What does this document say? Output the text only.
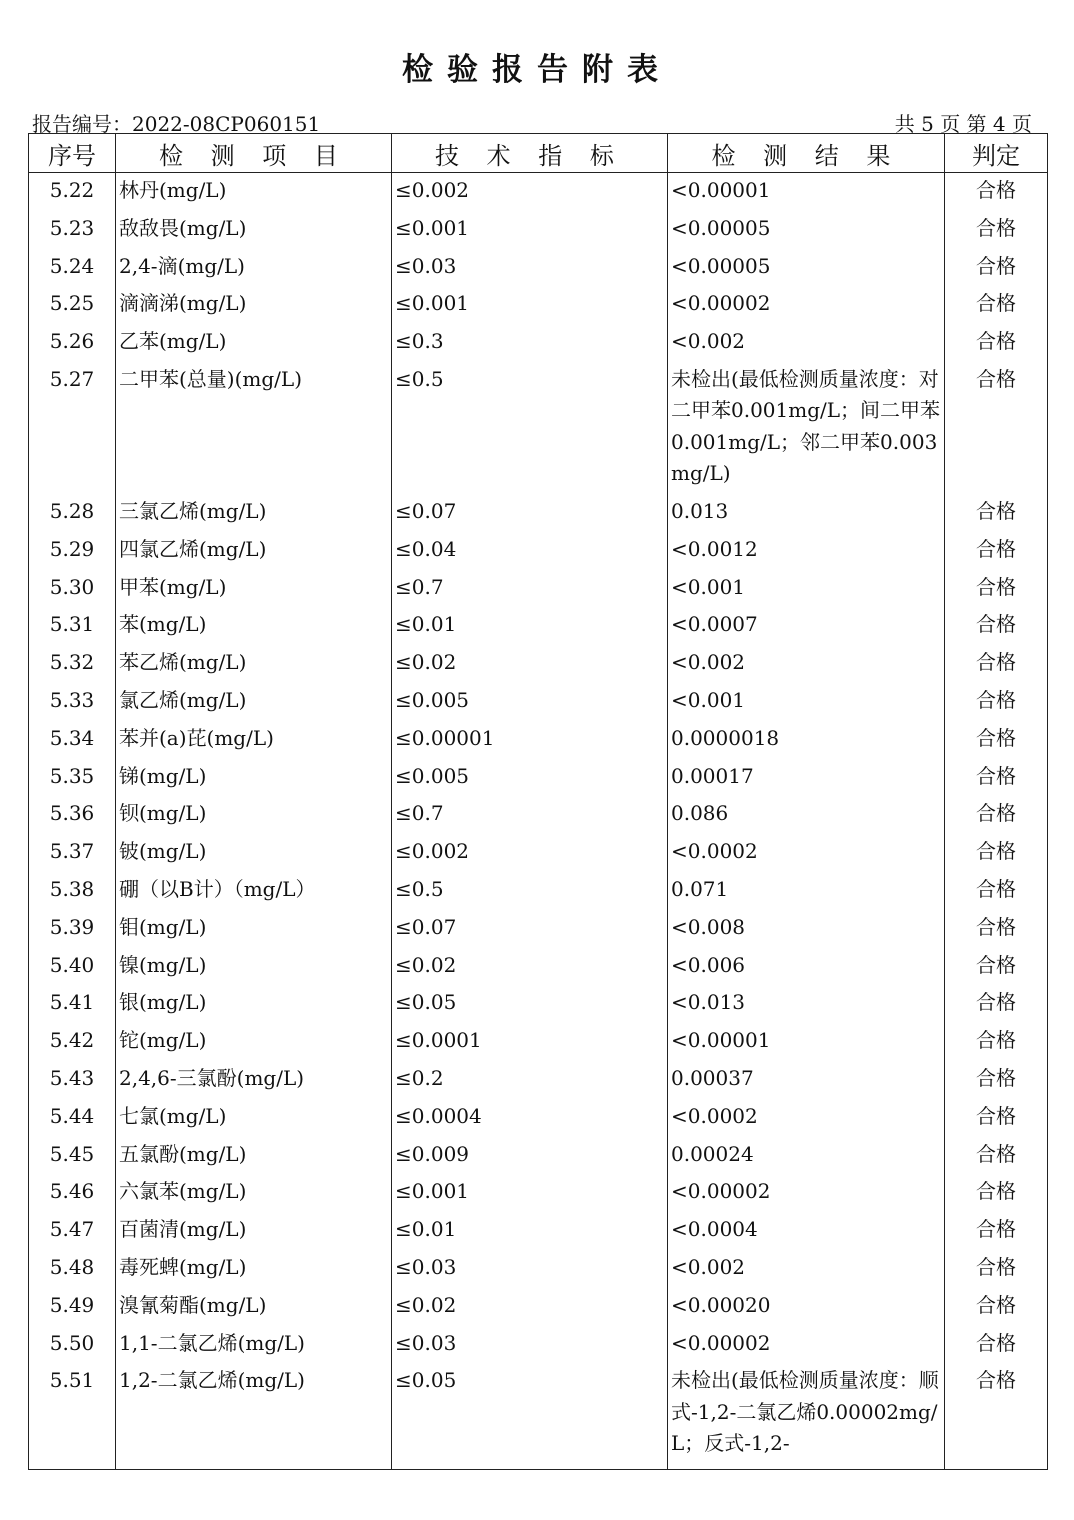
检验报告附表
报告编号：2022-08CP060151	共 5 页 第 4 页
序号	检 测 项 目	技 术 指 标	检 测 结 果	判定
5.22	林丹(mg/L)	≤0.002	<0.00001	合格
5.23	敌敌畏(mg/L)	≤0.001	<0.00005	合格
5.24	2,4-滴(mg/L)	≤0.03	<0.00005	合格
5.25	滴滴涕(mg/L)	≤0.001	<0.00002	合格
5.26	乙苯(mg/L)	≤0.3	<0.002	合格
5.27	二甲苯(总量)(mg/L)	≤0.5	未检出(最低检测质量浓度：对二甲苯0.001mg/L；间二甲苯0.001mg/L；邻二甲苯0.003mg/L)	合格
5.28	三氯乙烯(mg/L)	≤0.07	0.013	合格
5.29	四氯乙烯(mg/L)	≤0.04	<0.0012	合格
5.30	甲苯(mg/L)	≤0.7	<0.001	合格
5.31	苯(mg/L)	≤0.01	<0.0007	合格
5.32	苯乙烯(mg/L)	≤0.02	<0.002	合格
5.33	氯乙烯(mg/L)	≤0.005	<0.001	合格
5.34	苯并(a)芘(mg/L)	≤0.00001	0.0000018	合格
5.35	锑(mg/L)	≤0.005	0.00017	合格
5.36	钡(mg/L)	≤0.7	0.086	合格
5.37	铍(mg/L)	≤0.002	<0.0002	合格
5.38	硼（以B计）（mg/L）	≤0.5	0.071	合格
5.39	钼(mg/L)	≤0.07	<0.008	合格
5.40	镍(mg/L)	≤0.02	<0.006	合格
5.41	银(mg/L)	≤0.05	<0.013	合格
5.42	铊(mg/L)	≤0.0001	<0.00001	合格
5.43	2,4,6-三氯酚(mg/L)	≤0.2	0.00037	合格
5.44	七氯(mg/L)	≤0.0004	<0.0002	合格
5.45	五氯酚(mg/L)	≤0.009	0.00024	合格
5.46	六氯苯(mg/L)	≤0.001	<0.00002	合格
5.47	百菌清(mg/L)	≤0.01	<0.0004	合格
5.48	毒死蜱(mg/L)	≤0.03	<0.002	合格
5.49	溴氰菊酯(mg/L)	≤0.02	<0.00020	合格
5.50	1,1-二氯乙烯(mg/L)	≤0.03	<0.00002	合格
5.51	1,2-二氯乙烯(mg/L)	≤0.05	未检出(最低检测质量浓度：顺式-1,2-二氯乙烯0.00002mg/L；反式-1,2-	合格
